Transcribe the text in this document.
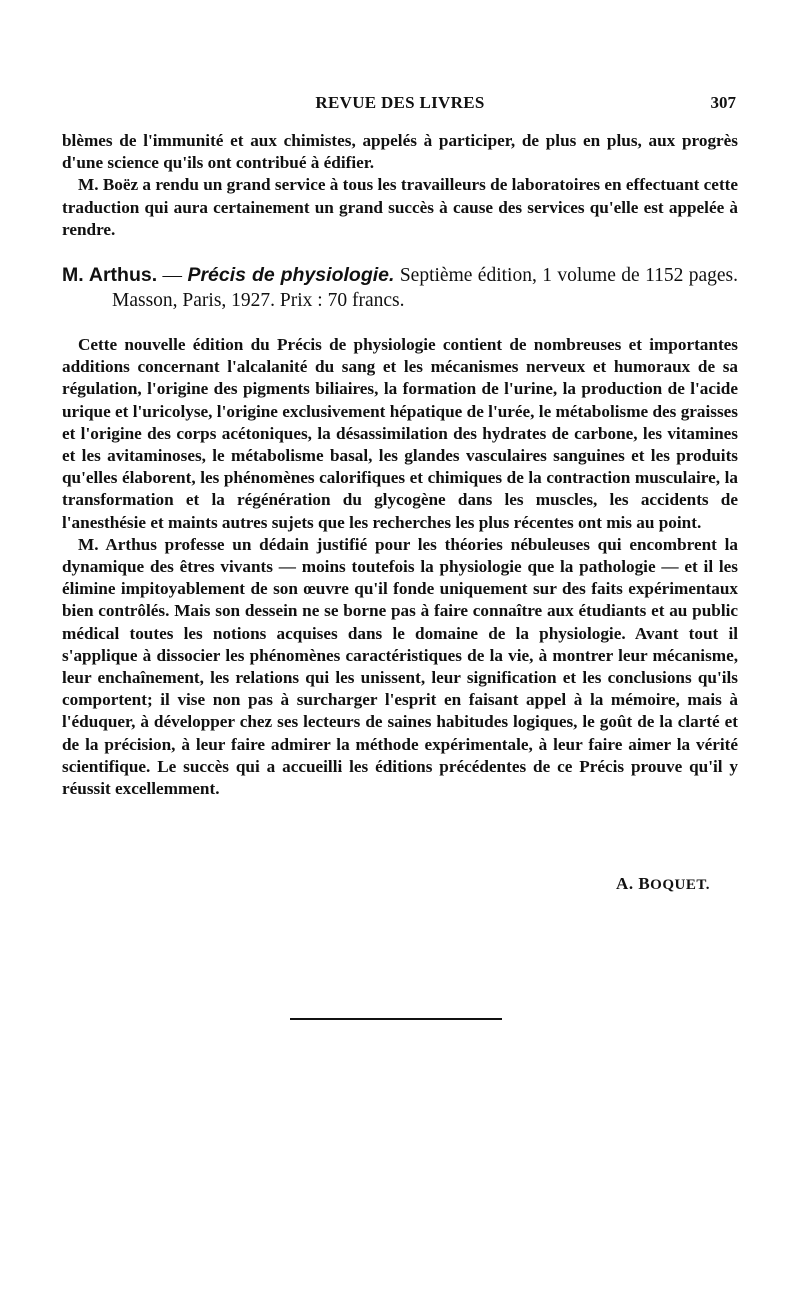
REVUE DES LIVRES	307

blèmes de l'immunité et aux chimistes, appelés à participer, de plus en plus, aux progrès d'une science qu'ils ont contribué à édifier.

M. Boëz a rendu un grand service à tous les travailleurs de laboratoires en effectuant cette traduction qui aura certainement un grand succès à cause des services qu'elle est appelée à rendre.

M. Arthus. — Précis de physiologie. Septième édition, 1 volume de 1152 pages. Masson, Paris, 1927. Prix : 70 francs.

Cette nouvelle édition du Précis de physiologie contient de nombreuses et importantes additions concernant l'alcalanité du sang et les mécanismes nerveux et humoraux de sa régulation, l'origine des pigments biliaires, la formation de l'urine, la production de l'acide urique et l'uricolyse, l'origine exclusivement hépatique de l'urée, le métabolisme des graisses et l'origine des corps acétoniques, la désassimilation des hydrates de carbone, les vitamines et les avitaminoses, le métabolisme basal, les glandes vasculaires sanguines et les produits qu'elles élaborent, les phénomènes calorifiques et chimiques de la contraction musculaire, la transformation et la régénération du glycogène dans les muscles, les accidents de l'anesthésie et maints autres sujets que les recherches les plus récentes ont mis au point.

M. Arthus professe un dédain justifié pour les théories nébuleuses qui encombrent la dynamique des êtres vivants — moins toutefois la physiologie que la pathologie — et il les élimine impitoyablement de son œuvre qu'il fonde uniquement sur des faits expérimentaux bien contrôlés. Mais son dessein ne se borne pas à faire connaître aux étudiants et au public médical toutes les notions acquises dans le domaine de la physiologie. Avant tout il s'applique à dissocier les phénomènes caractéristiques de la vie, à montrer leur mécanisme, leur enchaînement, les relations qui les unissent, leur signification et les conclusions qu'ils comportent; il vise non pas à surcharger l'esprit en faisant appel à la mémoire, mais à l'éduquer, à développer chez ses lecteurs de saines habitudes logiques, le goût de la clarté et de la précision, à leur faire admirer la méthode expérimentale, à leur faire aimer la vérité scientifique. Le succès qui a accueilli les éditions précédentes de ce Précis prouve qu'il y réussit excellemment.

A. BOQUET.
